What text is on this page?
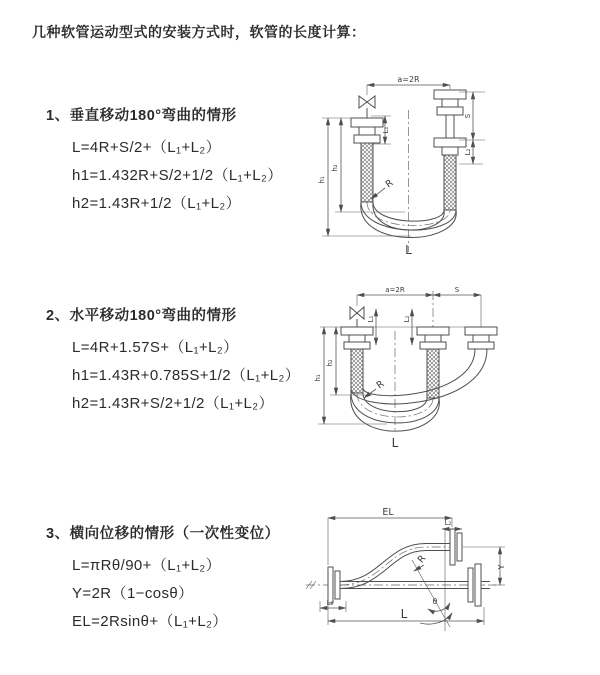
几种软管运动型式的安装方式时，软管的长度计算：
1、垂直移动180°弯曲的情形

L=4R+S/2+（L₁+L₂）

h1=1.432R+S/2+1/2（L₁+L₂）

h2=1.43R+1/2（L₁+L₂）

2、水平移动180°弯曲的情形

L=4R+1.57S+（L₁+L₂）

h1=1.43R+0.785S+1/2（L₁+L₂）

h2=1.43R+S/2+1/2（L₁+L₂）

3、横向位移的情形（一次性变位）

L=πRθ/90+（L₁+L₂）

Y=2R（1−cosθ）

EL=2Rsinθ+（L₁+L₂）

a=2R
L₁
S
L₂
h₂
h₁	R
L
a=2R	S
L₁	L₂
h₂
h₁
R
L
EL
L₂
Y
θ
R
L₁
L
